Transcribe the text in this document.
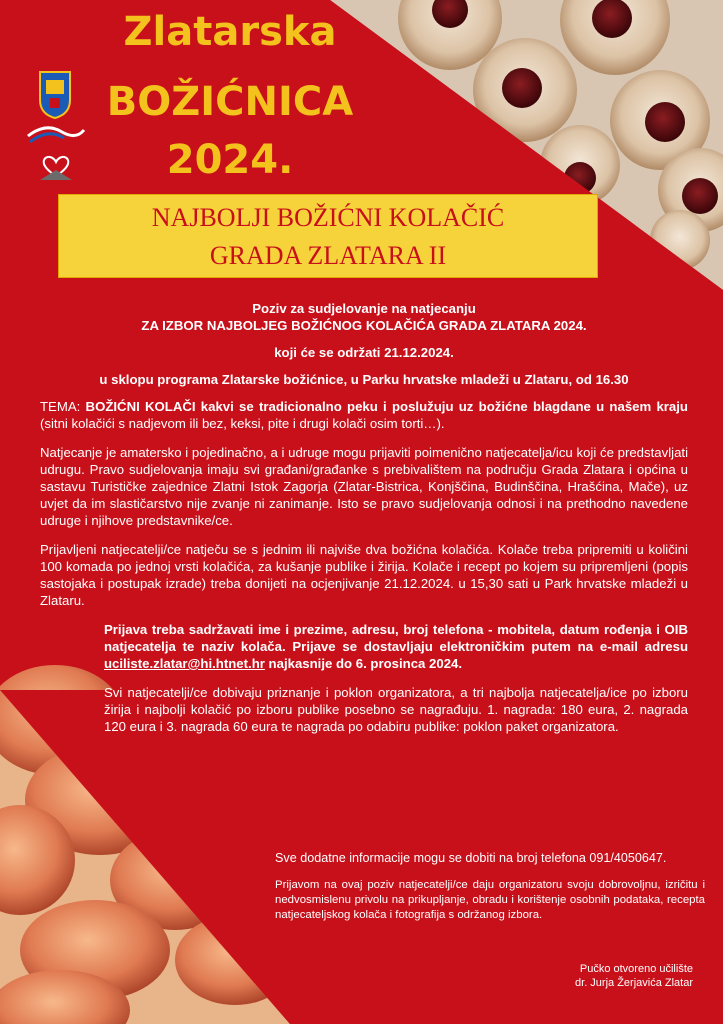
Zlatarska
BOŽIĆNICA
2024.
NAJBOLJI BOŽIĆNI KOLAČIĆ
GRADA ZLATARA II
Poziv za sudjelovanje na natjecanju
ZA IZBOR NAJBOLJEG BOŽIĆNOG KOLAČIĆA GRADA ZLATARA 2024.
koji će se održati 21.12.2024.
u sklopu programa Zlatarske božićnice, u Parku hrvatske mladeži u Zlataru, od 16.30

TEMA: BOŽIĆNI KOLAČI kakvi se tradicionalno peku i poslužuju uz božićne blagdane u našem kraju (sitni kolačići s nadjevom ili bez, keksi, pite i drugi kolači osim torti…).

Natjecanje je amatersko i pojedinačno, a i udruge mogu prijaviti poimenično natjecatelja/icu koji će predstavljati udrugu. Pravo sudjelovanja imaju svi građani/građanke s prebivalištem na području Grada Zlatara i općina u sastavu Turističke zajednice Zlatni Istok Zagorja (Zlatar-Bistrica, Konjščina, Budinščina, Hrašćina, Mače), uz uvjet da im slastičarstvo nije zvanje ni zanimanje. Isto se pravo sudjelovanja odnosi i na prethodno navedene udruge i njihove predstavnike/ce.

Prijavljeni natjecatelji/ce natječu se s jednim ili najviše dva božićna kolačića. Kolače treba pripremiti u količini 100 komada po jednoj vrsti kolačića, za kušanje publike i žirija. Kolače i recept po kojem su pripremljeni (popis sastojaka i postupak izrade) treba donijeti na ocjenjivanje 21.12.2024. u 15,30 sati u Park hrvatske mladeži u Zlataru.

Prijava treba sadržavati ime i prezime, adresu, broj telefona - mobitela, datum rođenja i OIB natjecatelja te naziv kolača. Prijave se dostavljaju elektroničkim putem na e-mail adresu uciliste.zlatar@hi.htnet.hr najkasnije do 6. prosinca 2024.

Svi natjecatelji/ce dobivaju priznanje i poklon organizatora, a tri najbolja natjecatelja/ice po izboru žirija i najbolji kolačić po izboru publike posebno se nagrađuju. 1. nagrada: 180 eura, 2. nagrada 120 eura i 3. nagrada 60 eura te nagrada po odabiru publike: poklon paket organizatora.

Sve dodatne informacije mogu se dobiti na broj telefona 091/4050647.

Prijavom na ovaj poziv natjecatelji/ce daju organizatoru svoju dobrovoljnu, izričitu i nedvosmislenu privolu na prikupljanje, obradu i korištenje osobnih podataka, recepta natjecateljskog kolača i fotografija s održanog izbora.

Pučko otvoreno učilište
dr. Jurja Žerjavića Zlatar
